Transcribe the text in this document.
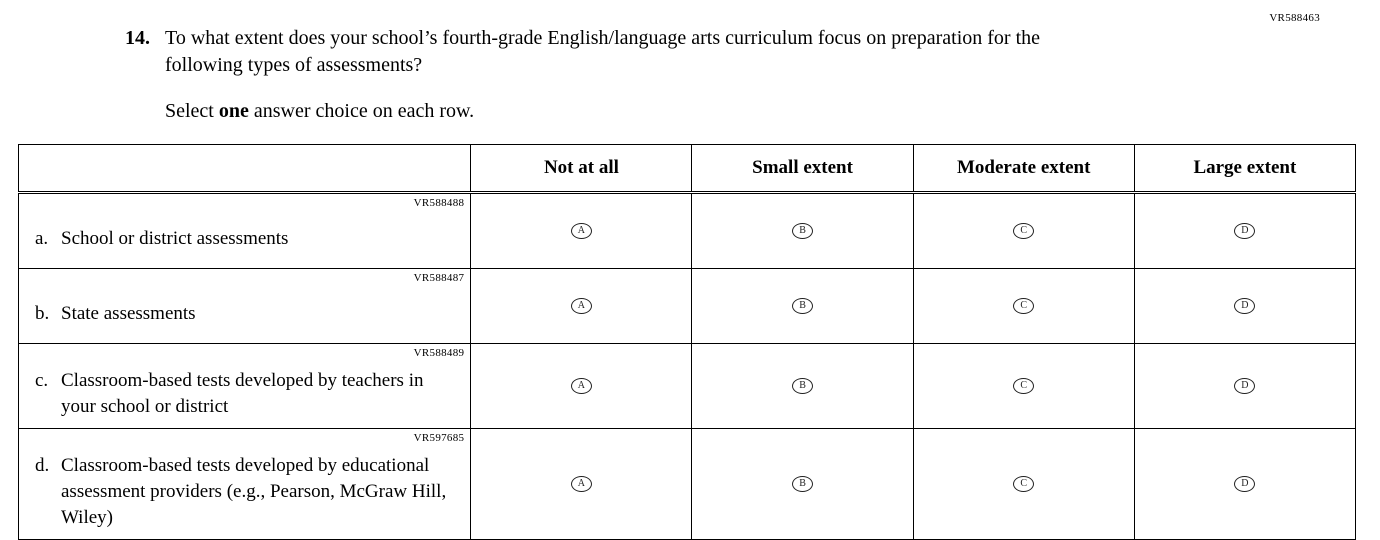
VR588463
14. To what extent does your school’s fourth-grade English/language arts curriculum focus on preparation for the following types of assessments?
Select one answer choice on each row.
	Not at all	Small extent	Moderate extent	Large extent

VR588488
a. School or district assessments	A	B	C	D

VR588487
b. State assessments	A	B	C	D

VR588489
c. Classroom-based tests developed by teachers in your school or district	A	B	C	D

VR597685
d. Classroom-based tests developed by educational assessment providers (e.g., Pearson, McGraw Hill, Wiley)	A	B	C	D
